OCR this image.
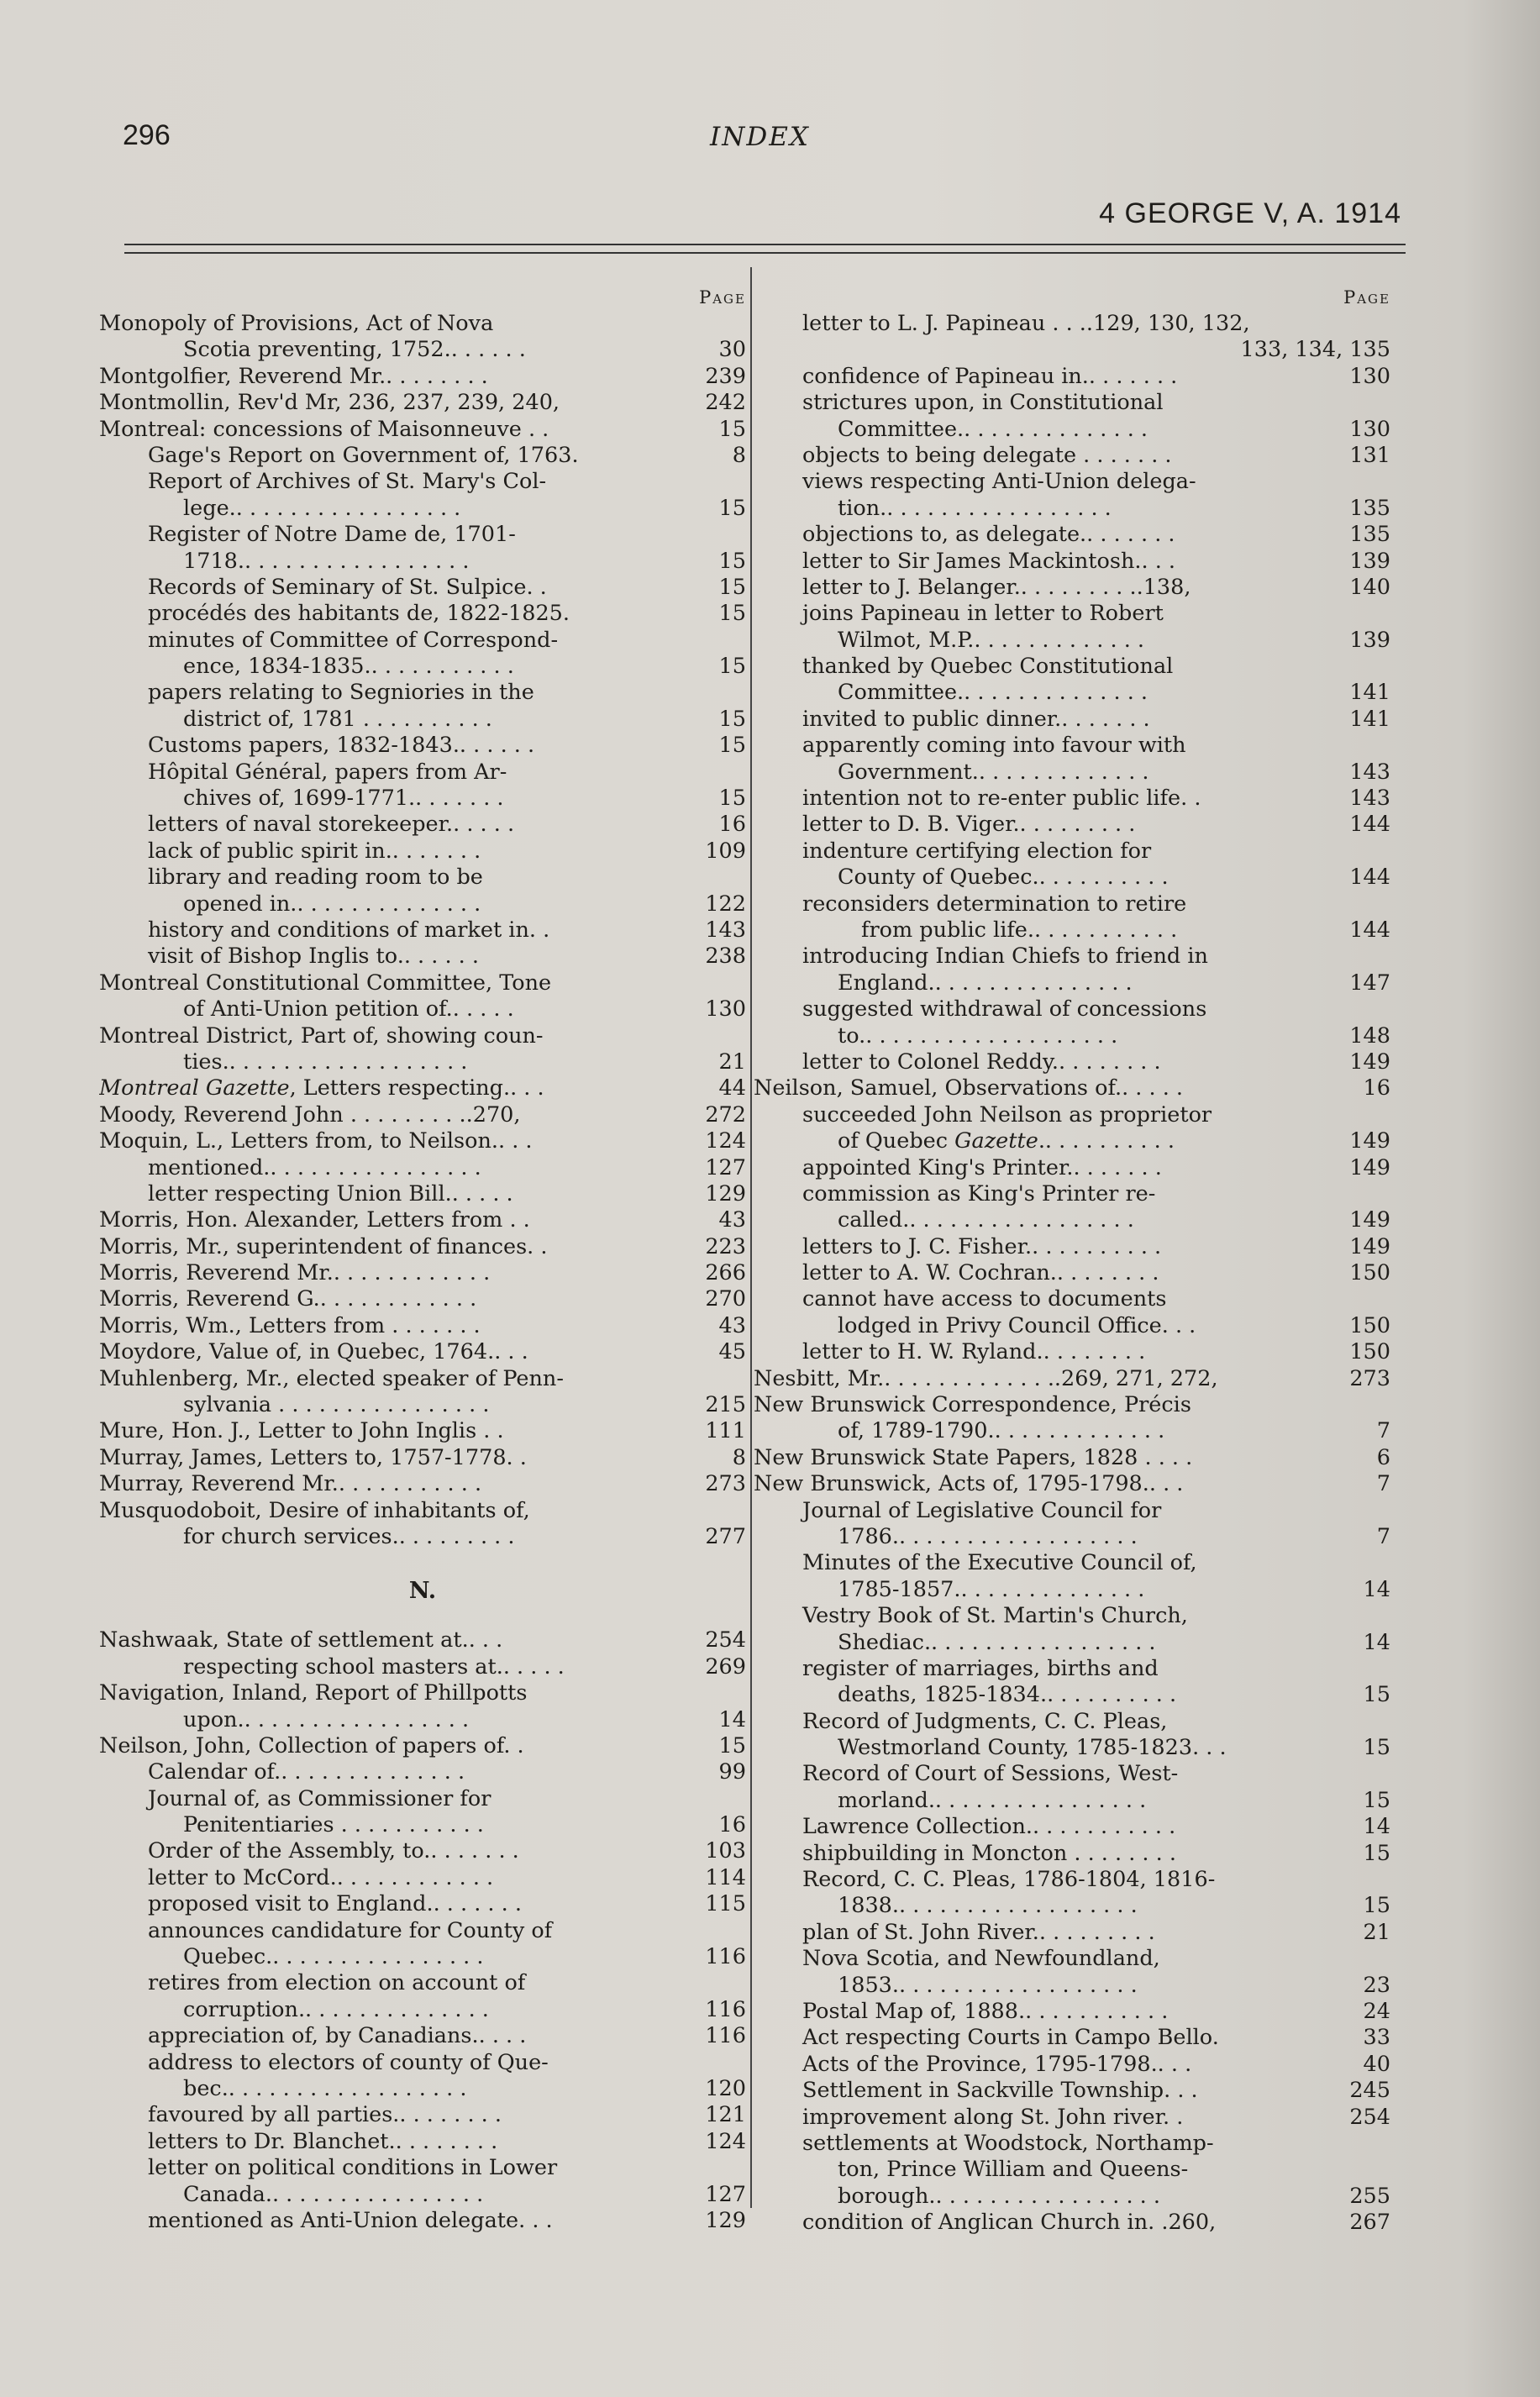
296	INDEX
4 GEORGE V, A. 1914
Page
Monopoly of Provisions, Act of Nova
Scotia preventing, 1752.. . . . . .	30
Montgolfier, Reverend Mr.. . . . . . . .	239
Montmollin, Rev'd Mr, 236, 237, 239, 240,	242
Montreal: concessions of Maisonneuve . .	15
Gage's Report on Government of, 1763.	8
Report of Archives of St. Mary's Col-
lege.. . . . . . . . . . . . . . . . .	15
Register of Notre Dame de, 1701-
1718.. . . . . . . . . . . . . . . . .	15
Records of Seminary of St. Sulpice. .	15
procédés des habitants de, 1822-1825.	15
minutes of Committee of Correspond-
ence, 1834-1835.. . . . . . . . . . .	15
papers relating to Segniories in the
district of, 1781 . . . . . . . . . .	15
Customs papers, 1832-1843.. . . . . .	15
Hôpital Général, papers from Ar-
chives of, 1699-1771.. . . . . . .	15
letters of naval storekeeper.. . . . .	16
lack of public spirit in.. . . . . . .	109
library and reading room to be
opened in.. . . . . . . . . . . . . .	122
history and conditions of market in. .	143
visit of Bishop Inglis to.. . . . . .	238
Montreal Constitutional Committee, Tone
of Anti-Union petition of.. . . . .	130
Montreal District, Part of, showing coun-
ties.. . . . . . . . . . . . . . . . . .	21
Montreal Gazette, Letters respecting.. . .	44
Moody, Reverend John . . . . . . . . ..270,	272
Moquin, L., Letters from, to Neilson.. . .	124
mentioned.. . . . . . . . . . . . . . . .	127
letter respecting Union Bill.. . . . .	129
Morris, Hon. Alexander, Letters from . .	43
Morris, Mr., superintendent of finances. .	223
Morris, Reverend Mr.. . . . . . . . . . . .	266
Morris, Reverend G.. . . . . . . . . . . .	270
Morris, Wm., Letters from . . . . . . .	43
Moydore, Value of, in Quebec, 1764.. . .	45
Muhlenberg, Mr., elected speaker of Penn-
sylvania . . . . . . . . . . . . . . . .	215
Mure, Hon. J., Letter to John Inglis . .	111
Murray, James, Letters to, 1757-1778. .	8
Murray, Reverend Mr.. . . . . . . . . . .	273
Musquodoboit, Desire of inhabitants of,
for church services.. . . . . . . . .	277
N.
Nashwaak, State of settlement at.. . .	254
respecting school masters at.. . . . .	269
Navigation, Inland, Report of Phillpotts
upon.. . . . . . . . . . . . . . . . .	14
Neilson, John, Collection of papers of. .	15
Calendar of.. . . . . . . . . . . . . .	99
Journal of, as Commissioner for
Penitentiaries . . . . . . . . . . .	16
Order of the Assembly, to.. . . . . . .	103
letter to McCord.. . . . . . . . . . . .	114
proposed visit to England.. . . . . . .	115
announces candidature for County of
Quebec.. . . . . . . . . . . . . . . .	116
retires from election on account of
corruption.. . . . . . . . . . . . . .	116
appreciation of, by Canadians.. . . .	116
address to electors of county of Que-
bec.. . . . . . . . . . . . . . . . . .	120
favoured by all parties.. . . . . . . .	121
letters to Dr. Blanchet.. . . . . . . .	124
letter on political conditions in Lower
Canada.. . . . . . . . . . . . . . . .	127
mentioned as Anti-Union delegate. . .	129
Page
letter to L. J. Papineau . . ..129, 130, 132,
133, 134, 135
confidence of Papineau in.. . . . . . .	130
strictures upon, in Constitutional
Committee.. . . . . . . . . . . . . .	130
objects to being delegate . . . . . . .	131
views respecting Anti-Union delega-
tion.. . . . . . . . . . . . . . . . .	135
objections to, as delegate.. . . . . . .	135
letter to Sir James Mackintosh.. . .	139
letter to J. Belanger.. . . . . . . . ..138,	140
joins Papineau in letter to Robert
Wilmot, M.P.. . . . . . . . . . . . .	139
thanked by Quebec Constitutional
Committee.. . . . . . . . . . . . . .	141
invited to public dinner.. . . . . . .	141
apparently coming into favour with
Government.. . . . . . . . . . . . .	143
intention not to re-enter public life. .	143
letter to D. B. Viger.. . . . . . . . .	144
indenture certifying election for
County of Quebec.. . . . . . . . . .	144
reconsiders determination to retire
from public life.. . . . . . . . . . .	144
introducing Indian Chiefs to friend in
England.. . . . . . . . . . . . . . .	147
suggested withdrawal of concessions
to.. . . . . . . . . . . . . . . . . . .	148
letter to Colonel Reddy.. . . . . . . .	149
Neilson, Samuel, Observations of.. . . . .	16
succeeded John Neilson as proprietor
of Quebec Gazette.. . . . . . . . . .	149
appointed King's Printer.. . . . . . .	149
commission as King's Printer re-
called.. . . . . . . . . . . . . . . . .	149
letters to J. C. Fisher.. . . . . . . . . .	149
letter to A. W. Cochran.. . . . . . . .	150
cannot have access to documents
lodged in Privy Council Office. . .	150
letter to H. W. Ryland.. . . . . . . .	150
Nesbitt, Mr.. . . . . . . . . . . . ..269, 271, 272,	273
New Brunswick Correspondence, Précis
of, 1789-1790.. . . . . . . . . . . . .	7
New Brunswick State Papers, 1828 . . . .	6
New Brunswick, Acts of, 1795-1798.. . .	7
Journal of Legislative Council for
1786.. . . . . . . . . . . . . . . . . .	7
Minutes of the Executive Council of,
1785-1857.. . . . . . . . . . . . . .	14
Vestry Book of St. Martin's Church,
Shediac.. . . . . . . . . . . . . . . . .	14
register of marriages, births and
deaths, 1825-1834.. . . . . . . . . .	15
Record of Judgments, C. C. Pleas,
Westmorland County, 1785-1823. . .	15
Record of Court of Sessions, West-
morland.. . . . . . . . . . . . . . . .	15
Lawrence Collection.. . . . . . . . . . .	14
shipbuilding in Moncton . . . . . . . .	15
Record, C. C. Pleas, 1786-1804, 1816-
1838.. . . . . . . . . . . . . . . . . .	15
plan of St. John River.. . . . . . . . .	21
Nova Scotia, and Newfoundland,
1853.. . . . . . . . . . . . . . . . . .	23
Postal Map of, 1888.. . . . . . . . . . .	24
Act respecting Courts in Campo Bello.	33
Acts of the Province, 1795-1798.. . .	40
Settlement in Sackville Township. . .	245
improvement along St. John river. .	254
settlements at Woodstock, Northamp-
ton, Prince William and Queens-
borough.. . . . . . . . . . . . . . . . .	255
condition of Anglican Church in. .260,	267
